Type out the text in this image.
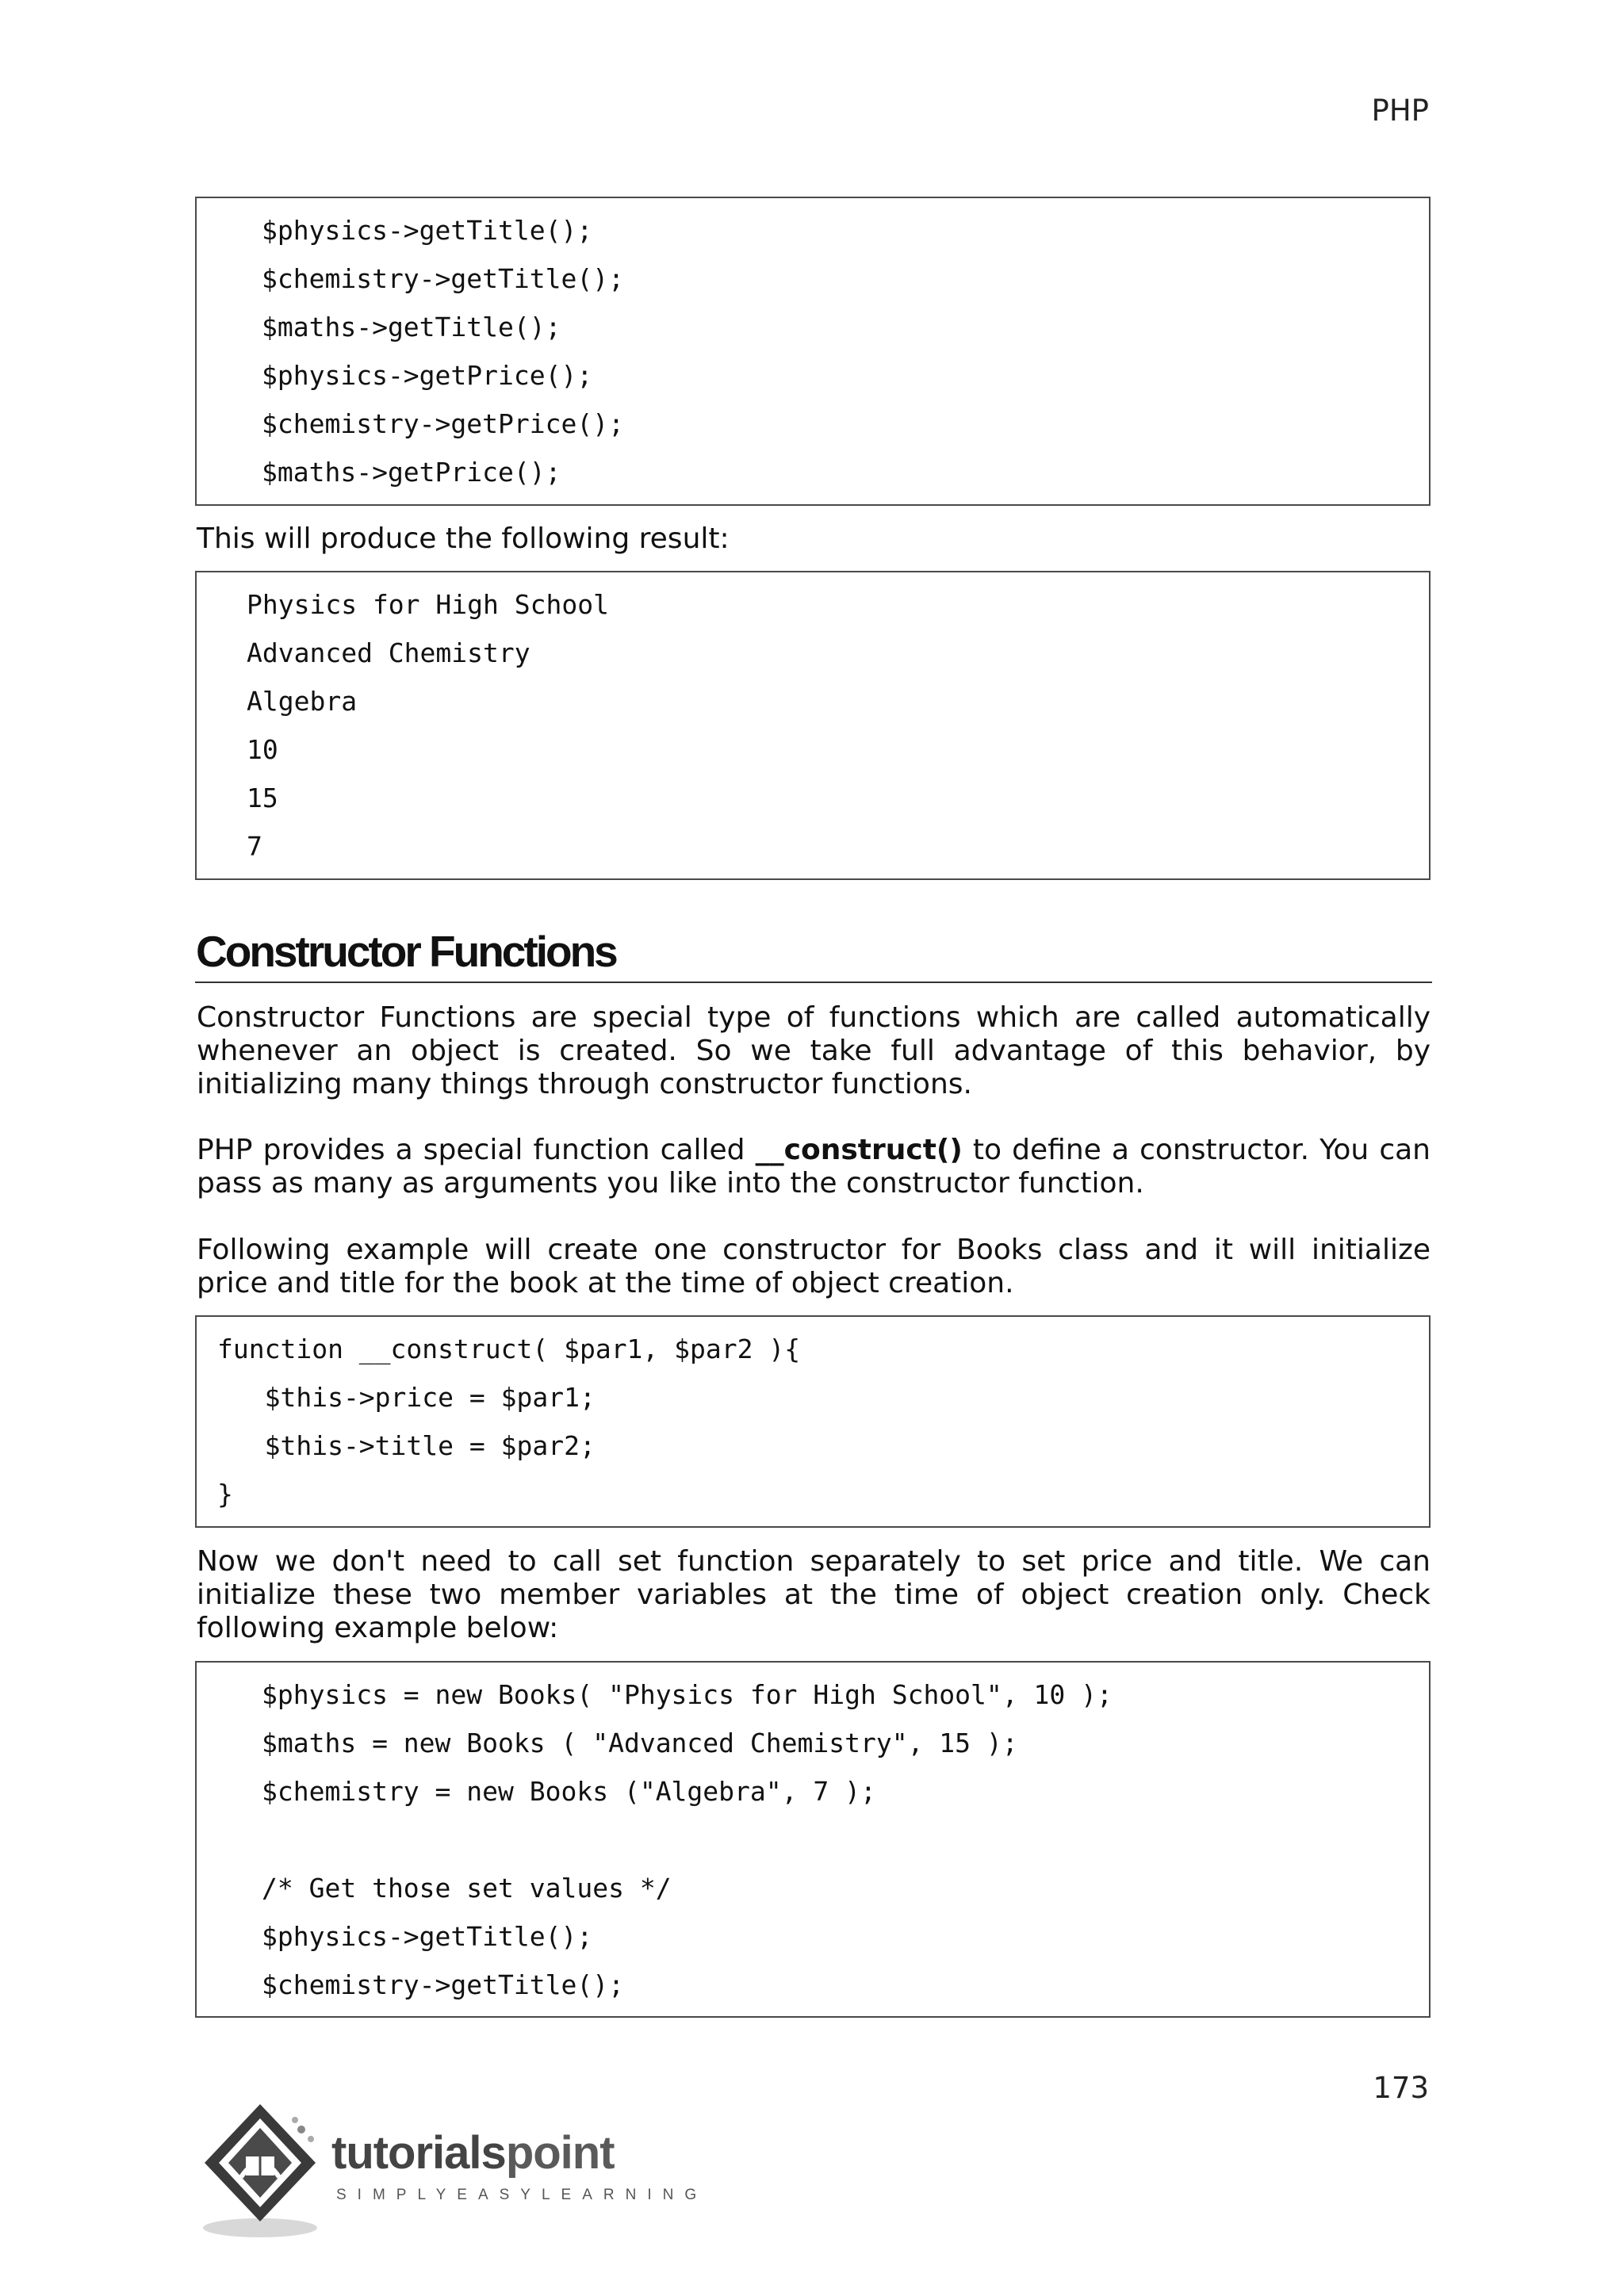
PHP
$physics->getTitle();
$chemistry->getTitle();
$maths->getTitle();
$physics->getPrice();
$chemistry->getPrice();
$maths->getPrice();

This will produce the following result:

Physics for High School
Advanced Chemistry
Algebra
10
15
7
Constructor Functions

Constructor Functions are special type of functions which are called automatically whenever an object is created. So we take full advantage of this behavior, by initializing many things through constructor functions.

PHP provides a special function called __construct() to define a constructor. You can pass as many as arguments you like into the constructor function.

Following example will create one constructor for Books class and it will initialize price and title for the book at the time of object creation.

function __construct( $par1, $par2 ){
$this->price = $par1;
$this->title = $par2;
}

Now we don't need to call set function separately to set price and title. We can initialize these two member variables at the time of object creation only. Check following example below:

$physics = new Books( "Physics for High School", 10 );
$maths = new Books ( "Advanced Chemistry", 15 );
$chemistry = new Books ("Algebra", 7 );
/* Get those set values */
$physics->getTitle();
$chemistry->getTitle();
173
tutorialspoint
SIMPLYEASYLEARNING
